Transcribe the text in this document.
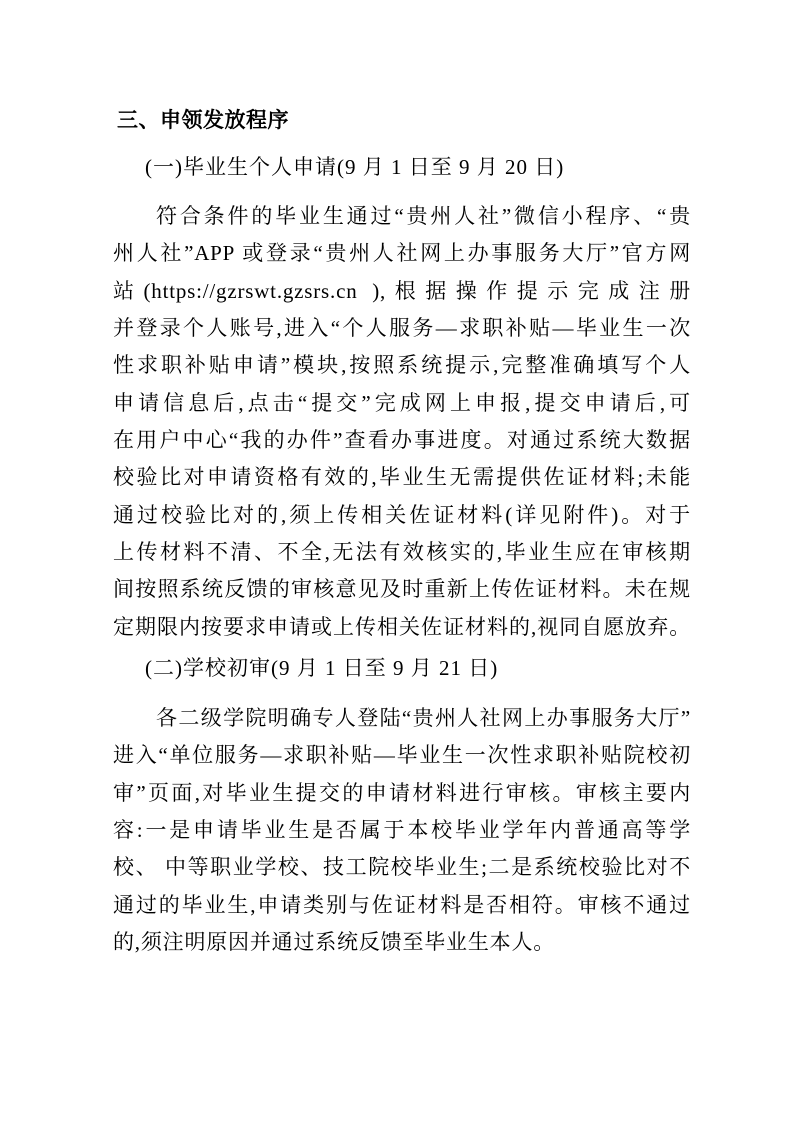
三、申领发放程序
(一)毕业生个人申请(9 月 1 日至 9 月 20 日)
符合条件的毕业生通过“贵州人社”微信小程序、“贵
州人社”APP 或登录“贵州人社网上办事服务大厅”官方网
站(https://gzrswt.gzsrs.cn ),根据操作提示完成注册
并登录个人账号,进入“个人服务—求职补贴—毕业生一次
性求职补贴申请”模块,按照系统提示,完整准确填写个人
申请信息后,点击“提交”完成网上申报,提交申请后,可
在用户中心“我的办件”查看办事进度。对通过系统大数据
校验比对申请资格有效的,毕业生无需提供佐证材料;未能
通过校验比对的,须上传相关佐证材料(详见附件)。对于
上传材料不清、不全,无法有效核实的,毕业生应在审核期
间按照系统反馈的审核意见及时重新上传佐证材料。未在规
定期限内按要求申请或上传相关佐证材料的,视同自愿放弃。
(二)学校初审(9 月 1 日至 9 月 21 日)
各二级学院明确专人登陆“贵州人社网上办事服务大厅”
进入“单位服务—求职补贴—毕业生一次性求职补贴院校初
审”页面,对毕业生提交的申请材料进行审核。审核主要内
容:一是申请毕业生是否属于本校毕业学年内普通高等学
校、 中等职业学校、技工院校毕业生;二是系统校验比对不
通过的毕业生,申请类别与佐证材料是否相符。审核不通过
的,须注明原因并通过系统反馈至毕业生本人。
